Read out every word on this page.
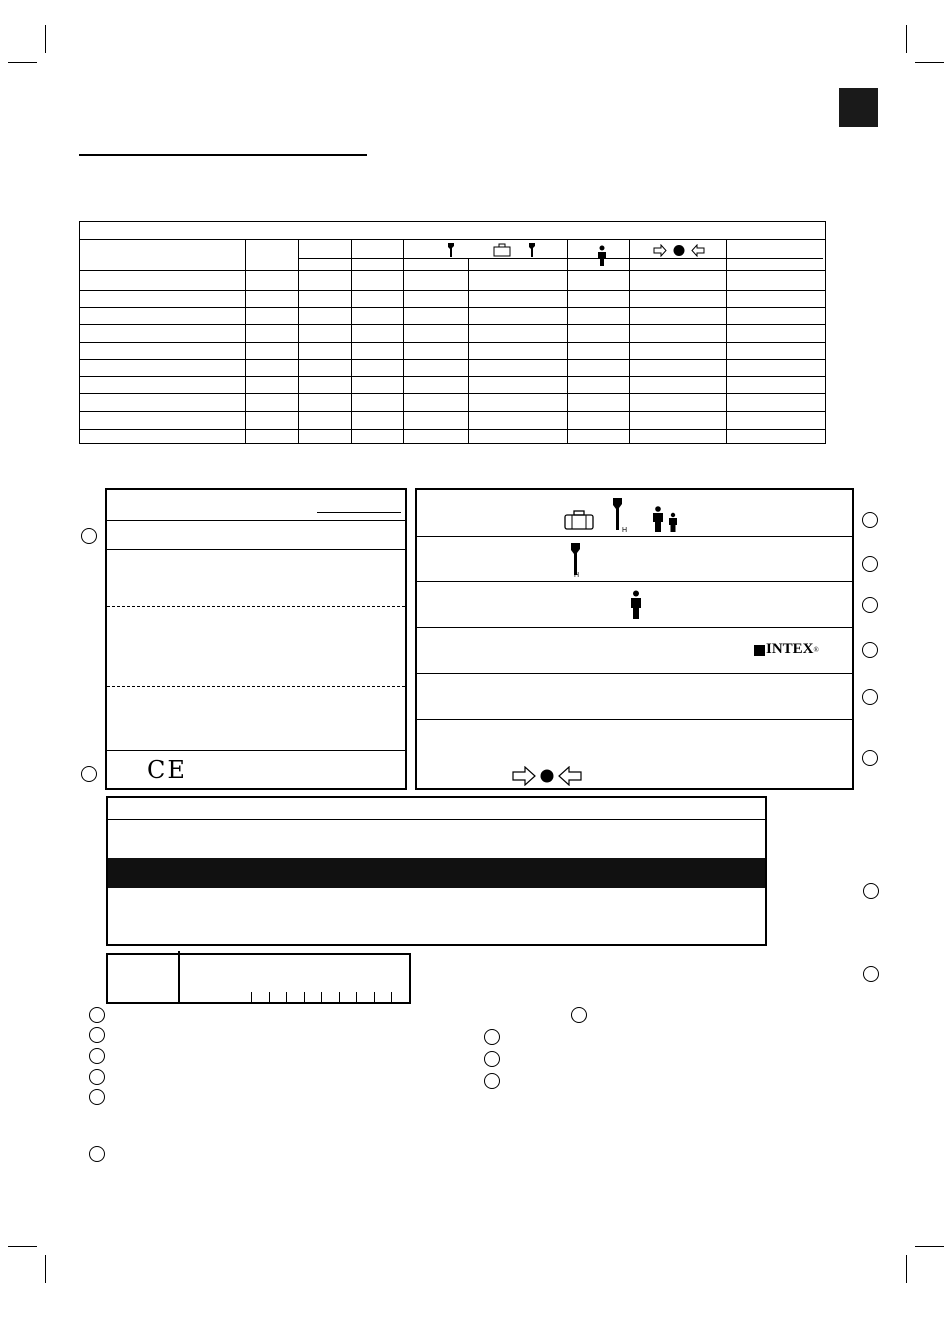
CE
H
H
INTEX ®
